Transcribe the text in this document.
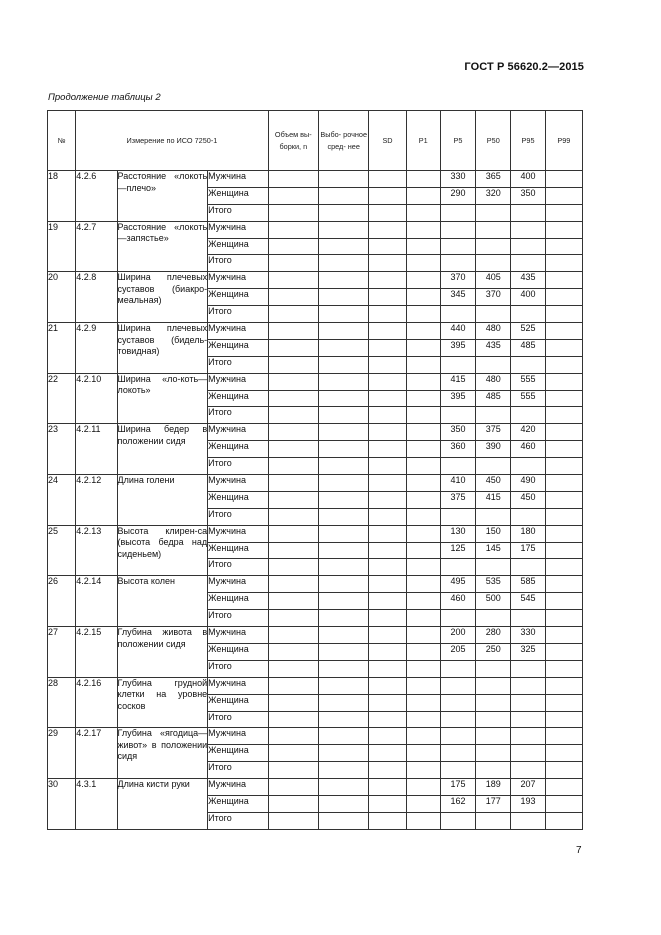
ГОСТ Р 56620.2—2015
Продолжение таблицы 2
№	Измерение по ИСО 7250-1			Объем вы- борки, n	Выбо- рочное сред- нее	SD	P1	P5	P50	P95	P99
18	4.2.6	Расстояние «локоть—плечо»	Мужчина					330	365	400	
			Женщина					290	320	350	
			Итого								
19	4.2.7	Расстояние «локоть—запястье»	Мужчина								
			Женщина								
			Итого								
20	4.2.8	Ширина плечевых суставов (биакро-меальная)	Мужчина					370	405	435	
			Женщина					345	370	400	
			Итого								
21	4.2.9	Ширина плечевых суставов (бидель-товидная)	Мужчина					440	480	525	
			Женщина					395	435	485	
			Итого								
22	4.2.10	Ширина «ло-коть—локоть»	Мужчина					415	480	555	
			Женщина					395	485	555	
			Итого								
23	4.2.11	Ширина бедер в положении сидя	Мужчина					350	375	420	
			Женщина					360	390	460	
			Итого								
24	4.2.12	Длина голени	Мужчина					410	450	490	
			Женщина					375	415	450	
			Итого								
25	4.2.13	Высота клирен-са (высота бедра над сиденьем)	Мужчина					130	150	180	
			Женщина					125	145	175	
			Итого								
26	4.2.14	Высота колен	Мужчина					495	535	585	
			Женщина					460	500	545	
			Итого								
27	4.2.15	Глубина живота в положении сидя	Мужчина					200	280	330	
			Женщина					205	250	325	
			Итого								
28	4.2.16	Глубина грудной клетки на уровне сосков	Мужчина								
			Женщина								
			Итого								
29	4.2.17	Глубина «ягодица—живот» в положении сидя	Мужчина								
			Женщина								
			Итого								
30	4.3.1	Длина кисти руки	Мужчина					175	189	207	
			Женщина					162	177	193	
			Итого								
7
